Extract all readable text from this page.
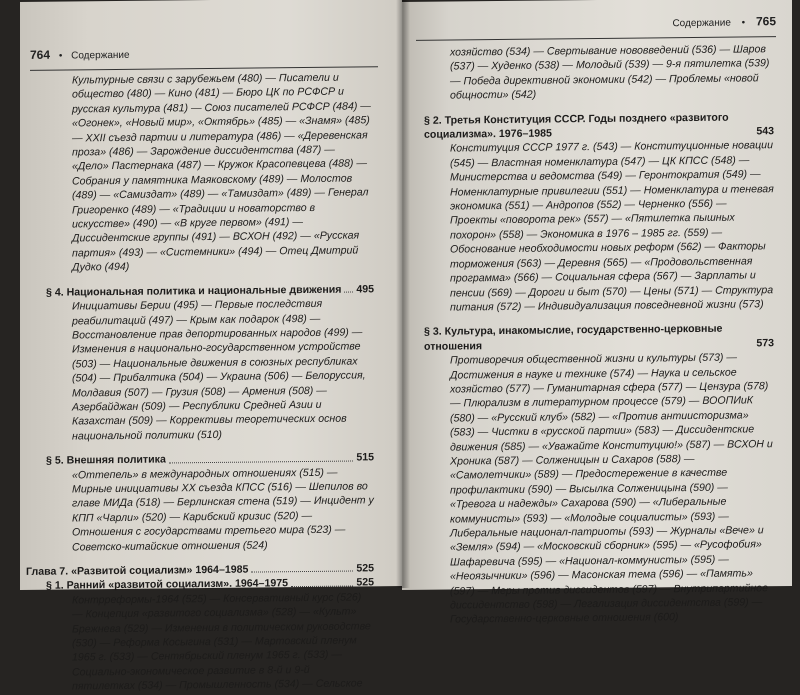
764 • Содержание

Культурные связи с зарубежьем (480) — Писатели и общество (480) — Кино (481) — Бюро ЦК по РСФСР и русская культура (481) — Союз писателей РСФСР (484) — «Огонек», «Новый мир», «Октябрь» (485) — «Знамя» (485) — XXII съезд партии и литература (486) — «Деревенская проза» (486) — Зарождение диссидентства (487) — «Дело» Пастернака (487) — Кружок Красопевцева (488) — Собрания у памятника Маяковскому (489) — Молостов (489) — «Самиздат» (489) — «Тамиздат» (489) — Генерал Григоренко (489) — «Традиции и новаторство в искусстве» (490) — «В круге первом» (491) — Диссидентские группы (491) — ВСХОН (492) — «Русская партия» (493) — «Системники» (494) — Отец Дмитрий Дудко (494)

§ 4. Национальная политика и национальные движения 495

Инициативы Берии (495) — Первые последствия реабилитаций (497) — Крым как подарок (498) — Восстановление прав депортированных народов (499) — Изменения в национально-государственном устройстве (503) — Национальные движения в союзных республиках (504) — Прибалтика (504) — Украина (506) — Белоруссия, Молдавия (507) — Грузия (508) — Армения (508) — Азербайджан (509) — Республики Средней Азии и Казахстан (509) — Коррективы теоретических основ национальной политики (510)

§ 5. Внешняя политика	515

«Оттепель» в международных отношениях (515) — Мирные инициативы XX съезда КПСС (516) — Шепилов во главе МИДа (518) — Берлинская стена (519) — Инцидент у КПП «Чарли» (520) — Карибский кризис (520) — Отношения с государствами третьего мира (523) — Советско-китайские отношения (524)

Глава 7. «Развитой социализм» 1964–1985	525
§ 1. Ранний «развитой социализм». 1964–1975	525

Контрреформы-1964 (525) — Консервативный курс (526) — Концепция «развитого социализма» (528) — «Культ» Брежнева (529) — Изменения в политическом руководстве (530) — Реформа Косыгина (531) — Мартовский пленум 1965 г. (533) — Сентябрьский пленум 1965 г. (533) — Социально-экономическое развитие в 8-й и 9-й пятилетках (534) — Промышленность (534) — Сельское

Содержание • 765

хозяйство (534) — Свертывание нововведений (536) — Шаров (537) — Худенко (538) — Молодый (539) — 9-я пятилетка (539) — Победа директивной экономики (542) — Проблемы «новой общности» (542)

§ 2. Третья Конституция СССР. Годы позднего «развитого социализма». 1976–1985	543

Конституция СССР 1977 г. (543) — Конституционные новации (545) — Властная номенклатура (547) — ЦК КПСС (548) — Министерства и ведомства (549) — Геронтократия (549) — Номенклатурные привилегии (551) — Номенклатура и теневая экономика (551) — Андропов (552) — Черненко (556) — Проекты «поворота рек» (557) — «Пятилетка пышных похорон» (558) — Экономика в 1976 – 1985 гг. (559) — Обоснование необходимости новых реформ (562) — Факторы торможения (563) — Деревня (565) — «Продовольственная программа» (566) — Социальная сфера (567) — Зарплаты и пенсии (569) — Дороги и быт (570) — Цены (571) — Структура питания (572) — Индивидуализация повседневной жизни (573)

§ 3. Культура, инакомыслие, государственно-церковные отношения	573

Противоречия общественной жизни и культуры (573) — Достижения в науке и технике (574) — Наука и сельское хозяйство (577) — Гуманитарная сфера (577) — Цензура (578) — Плюрализм в литературном процессе (579) — ВООПИиК (580) — «Русский клуб» (582) — «Против антиисторизма» (583) — Чистки в «русской партии» (583) — Диссидентские движения (585) — «Уважайте Конституцию!» (587) — ВСХОН и Хроника (587) — Солженицын и Сахаров (588) — «Самолетчики» (589) — Предостережение в качестве профилактики (590) — Высылка Солженицына (590) — «Тревога и надежды» Сахарова (590) — «Либеральные коммунисты» (593) — «Молодые социалисты» (593) — Либеральные национал-патриоты (593) — Журналы «Вече» и «Земля» (594) — «Московский сборник» (595) — «Русофобия» Шафаревича (595) — «Национал-коммунисты» (595) — «Неоязычники» (596) — Масонская тема (596) — «Память» (597) — Меры против диссидентов (597) — Внутрипартийное диссидентство (598) — Легализация диссидентства (599) — Государственно-церковные отношения (600)
